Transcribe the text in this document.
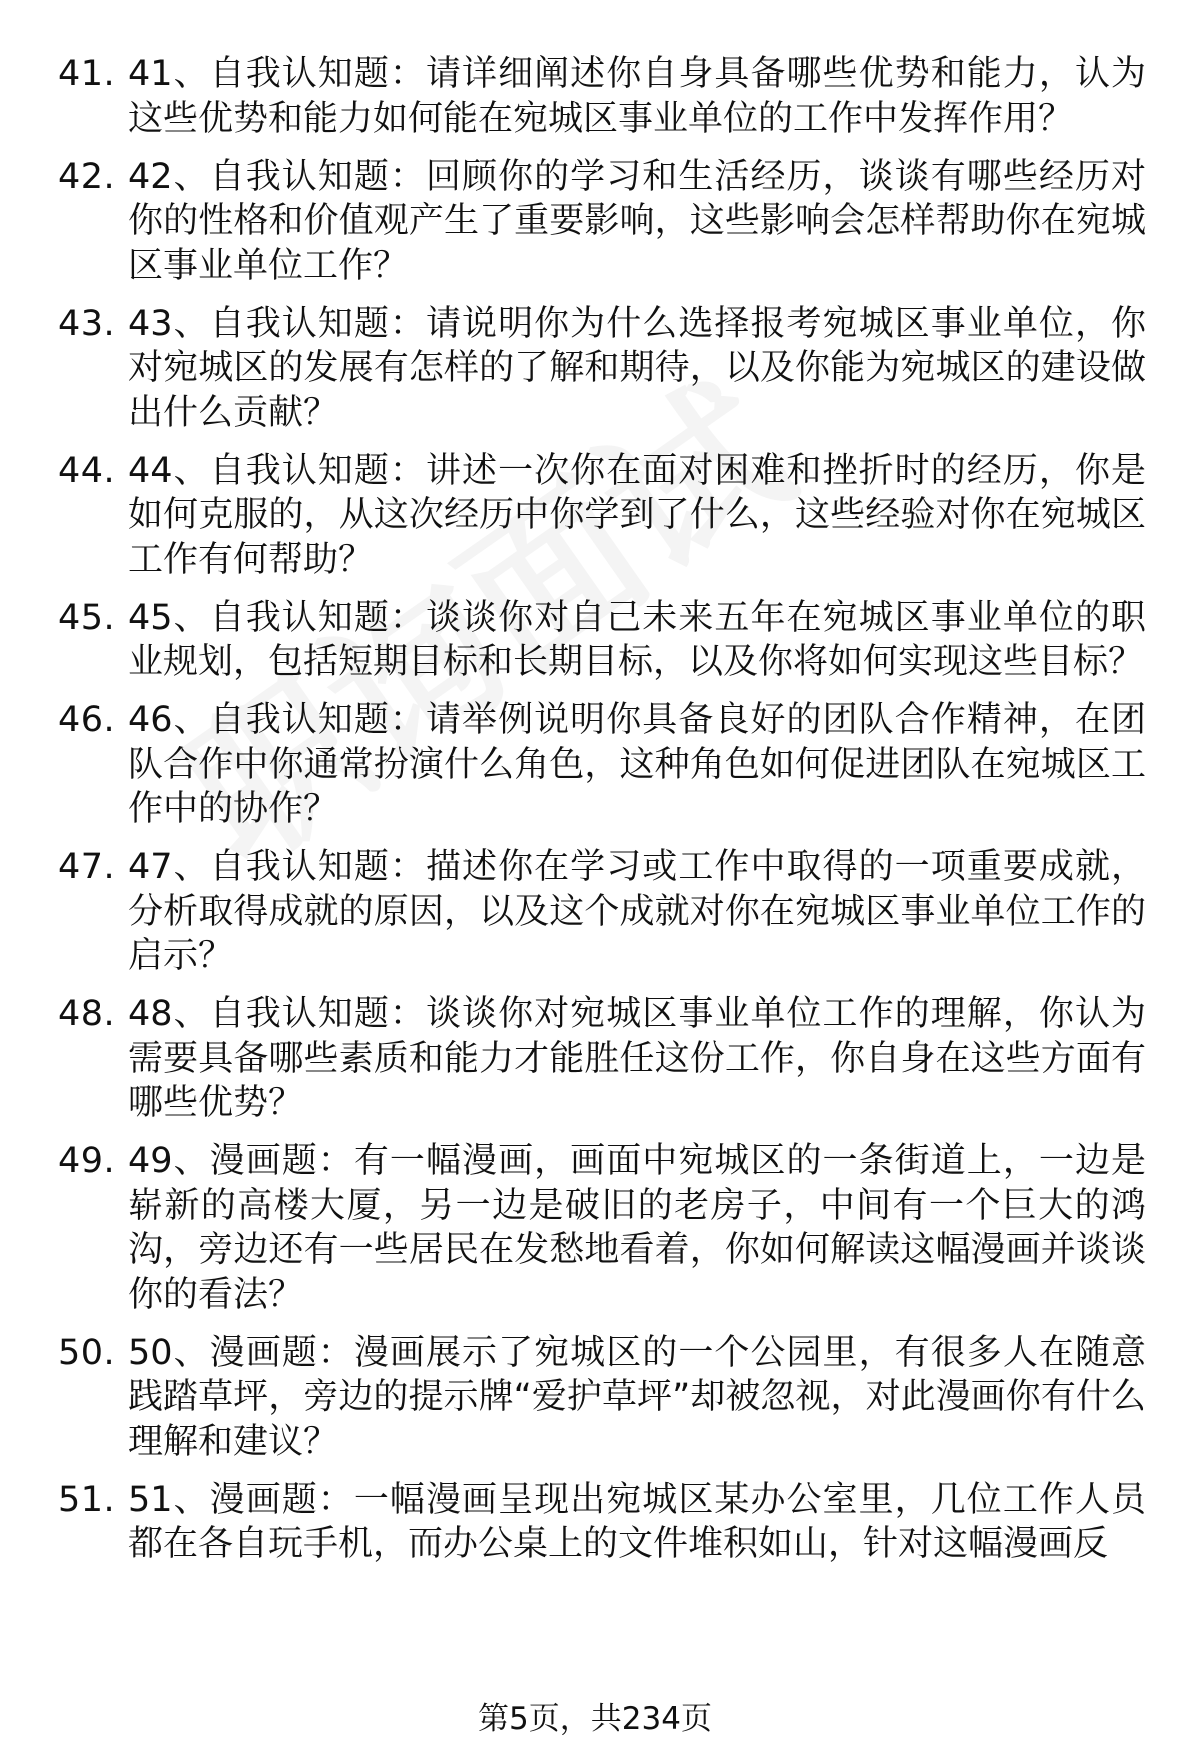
41. 41、自我认知题：请详细阐述你自身具备哪些优势和能力，认为这些优势和能力如何能在宛城区事业单位的工作中发挥作用？
42. 42、自我认知题：回顾你的学习和生活经历，谈谈有哪些经历对你的性格和价值观产生了重要影响，这些影响会怎样帮助你在宛城区事业单位工作？
43. 43、自我认知题：请说明你为什么选择报考宛城区事业单位，你对宛城区的发展有怎样的了解和期待，以及你能为宛城区的建设做出什么贡献？
44. 44、自我认知题：讲述一次你在面对困难和挫折时的经历，你是如何克服的，从这次经历中你学到了什么，这些经验对你在宛城区工作有何帮助？
45. 45、自我认知题：谈谈你对自己未来五年在宛城区事业单位的职业规划，包括短期目标和长期目标，以及你将如何实现这些目标？
46. 46、自我认知题：请举例说明你具备良好的团队合作精神，在团队合作中你通常扮演什么角色，这种角色如何促进团队在宛城区工作中的协作？
47. 47、自我认知题：描述你在学习或工作中取得的一项重要成就，分析取得成就的原因，以及这个成就对你在宛城区事业单位工作的启示？
48. 48、自我认知题：谈谈你对宛城区事业单位工作的理解，你认为需要具备哪些素质和能力才能胜任这份工作，你自身在这些方面有哪些优势？
49. 49、漫画题：有一幅漫画，画面中宛城区的一条街道上，一边是崭新的高楼大厦，另一边是破旧的老房子，中间有一个巨大的鸿沟，旁边还有一些居民在发愁地看着，你如何解读这幅漫画并谈谈你的看法？
50. 50、漫画题：漫画展示了宛城区的一个公园里，有很多人在随意践踏草坪，旁边的提示牌“爱护草坪”却被忽视，对此漫画你有什么理解和建议？
51. 51、漫画题：一幅漫画呈现出宛城区某办公室里，几位工作人员都在各自玩手机，而办公桌上的文件堆积如山，针对这幅漫画反
第5页，共234页
